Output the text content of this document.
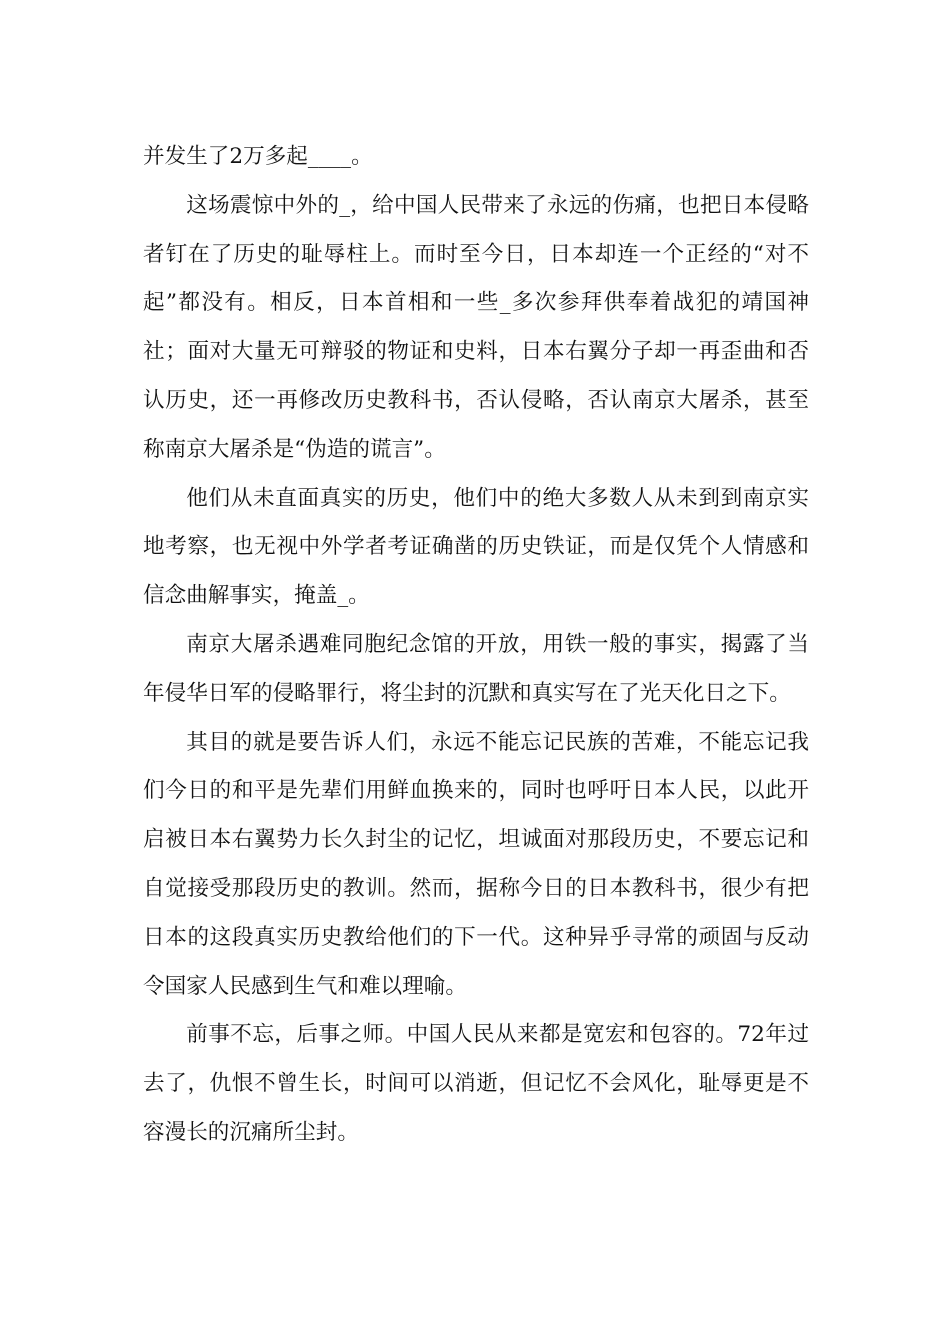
并发生了2万多起____。

这场震惊中外的_，给中国人民带来了永远的伤痛，也把日本侵略者钉在了历史的耻辱柱上。而时至今日，日本却连一个正经的“对不起”都没有。相反，日本首相和一些_多次参拜供奉着战犯的靖国神社；面对大量无可辩驳的物证和史料，日本右翼分子却一再歪曲和否认历史，还一再修改历史教科书，否认侵略，否认南京大屠杀，甚至称南京大屠杀是“伪造的谎言”。

他们从未直面真实的历史，他们中的绝大多数人从未到到南京实地考察，也无视中外学者考证确凿的历史铁证，而是仅凭个人情感和信念曲解事实，掩盖_。

南京大屠杀遇难同胞纪念馆的开放，用铁一般的事实，揭露了当年侵华日军的侵略罪行，将尘封的沉默和真实写在了光天化日之下。

其目的就是要告诉人们，永远不能忘记民族的苦难，不能忘记我们今日的和平是先辈们用鲜血换来的，同时也呼吁日本人民，以此开启被日本右翼势力长久封尘的记忆，坦诚面对那段历史，不要忘记和自觉接受那段历史的教训。然而，据称今日的日本教科书，很少有把日本的这段真实历史教给他们的下一代。这种异乎寻常的顽固与反动令国家人民感到生气和难以理喻。

前事不忘，后事之师。中国人民从来都是宽宏和包容的。72年过去了，仇恨不曾生长，时间可以消逝，但记忆不会风化，耻辱更是不容漫长的沉痛所尘封。
